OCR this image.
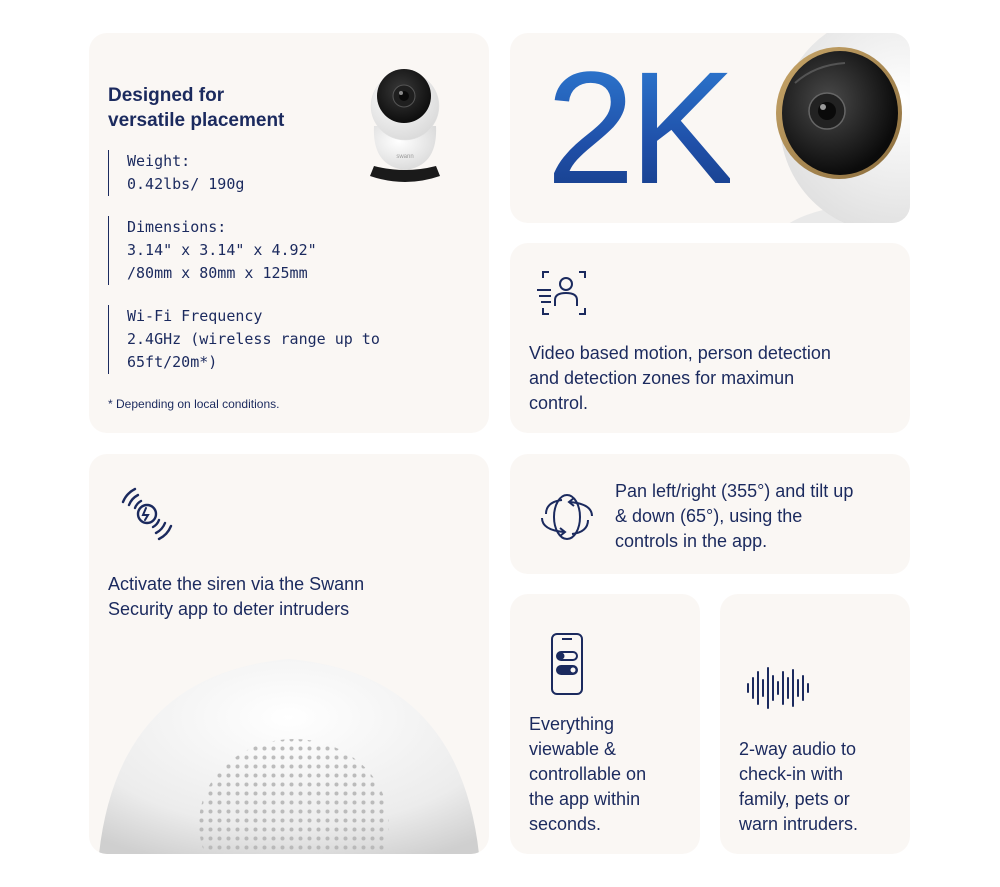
Designed for
versatile placement
Weight:
0.42lbs/ 190g
Dimensions:
3.14" x 3.14" x 4.92"
/80mm x 80mm x 125mm
Wi-Fi Frequency
2.4GHz (wireless range up to
65ft/20m*)
* Depending on local conditions.
swann 2K
Video based motion, person detection
and detection zones for maximun
control.
Activate the siren via the Swann
Security app to deter intruders
Pan left/right (355°) and tilt up
& down (65°), using the
controls in the app.
Everything
viewable &
controllable on
the app within
seconds.
2-way audio to
check-in with
family, pets or
warn intruders.
